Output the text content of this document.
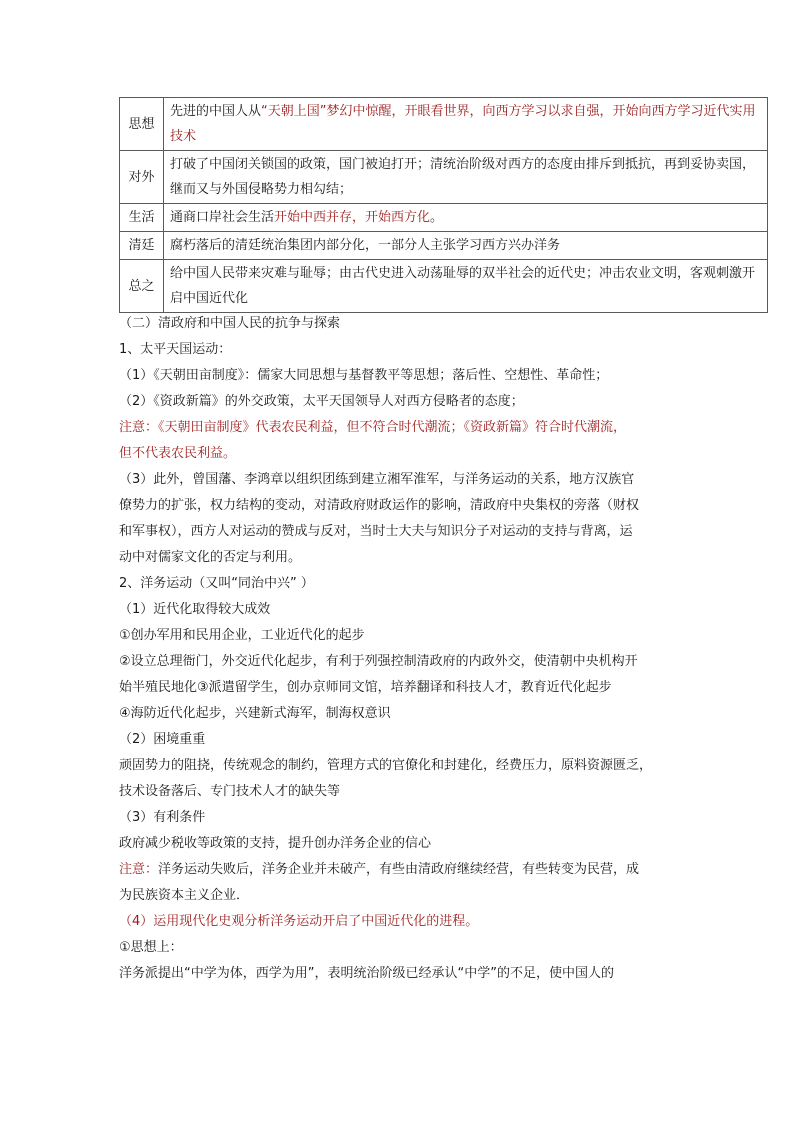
思想	先进的中国人从“天朝上国”梦幻中惊醒，开眼看世界，向西方学习以求自强，开始向西方学习近代实用技术
对外	打破了中国闭关锁国的政策，国门被迫打开；清统治阶级对西方的态度由排斥到抵抗，再到妥协卖国，继而又与外国侵略势力相勾结；
生活	通商口岸社会生活开始中西并存，开始西方化。
清廷	腐朽落后的清廷统治集团内部分化，一部分人主张学习西方兴办洋务
总之	给中国人民带来灾难与耻辱；由古代史进入动荡耻辱的双半社会的近代史；冲击农业文明，客观刺激开启中国近代化
（二）清政府和中国人民的抗争与探索
1、太平天国运动：
（1）《天朝田亩制度》：儒家大同思想与基督教平等思想；落后性、空想性、革命性；
（2）《资政新篇》的外交政策，太平天国领导人对西方侵略者的态度；
注意：《天朝田亩制度》代表农民利益，但不符合时代潮流；《资政新篇》符合时代潮流，
但不代表农民利益。
（3）此外，曾国藩、李鸿章以组织团练到建立湘军淮军，与洋务运动的关系，地方汉族官
僚势力的扩张，权力结构的变动，对清政府财政运作的影响，清政府中央集权的旁落（财权
和军事权），西方人对运动的赞成与反对，当时士大夫与知识分子对运动的支持与背离，运
动中对儒家文化的否定与利用。
2、洋务运动（又叫“同治中兴” ）
（1）近代化取得较大成效
①创办军用和民用企业，工业近代化的起步
②设立总理衙门，外交近代化起步，有利于列强控制清政府的内政外交，使清朝中央机构开
始半殖民地化③派遣留学生，创办京师同文馆，培养翻译和科技人才，教育近代化起步
④海防近代化起步，兴建新式海军，制海权意识
（2）困境重重
顽固势力的阻挠，传统观念的制约，管理方式的官僚化和封建化，经费压力，原料资源匮乏，
技术设备落后、专门技术人才的缺失等
（3）有利条件
政府减少税收等政策的支持，提升创办洋务企业的信心
注意：洋务运动失败后，洋务企业并未破产，有些由清政府继续经营，有些转变为民营，成
为民族资本主义企业．
（4）运用现代化史观分析洋务运动开启了中国近代化的进程。
①思想上：
洋务派提出“中学为体，西学为用”，表明统治阶级已经承认“中学”的不足，使中国人的
